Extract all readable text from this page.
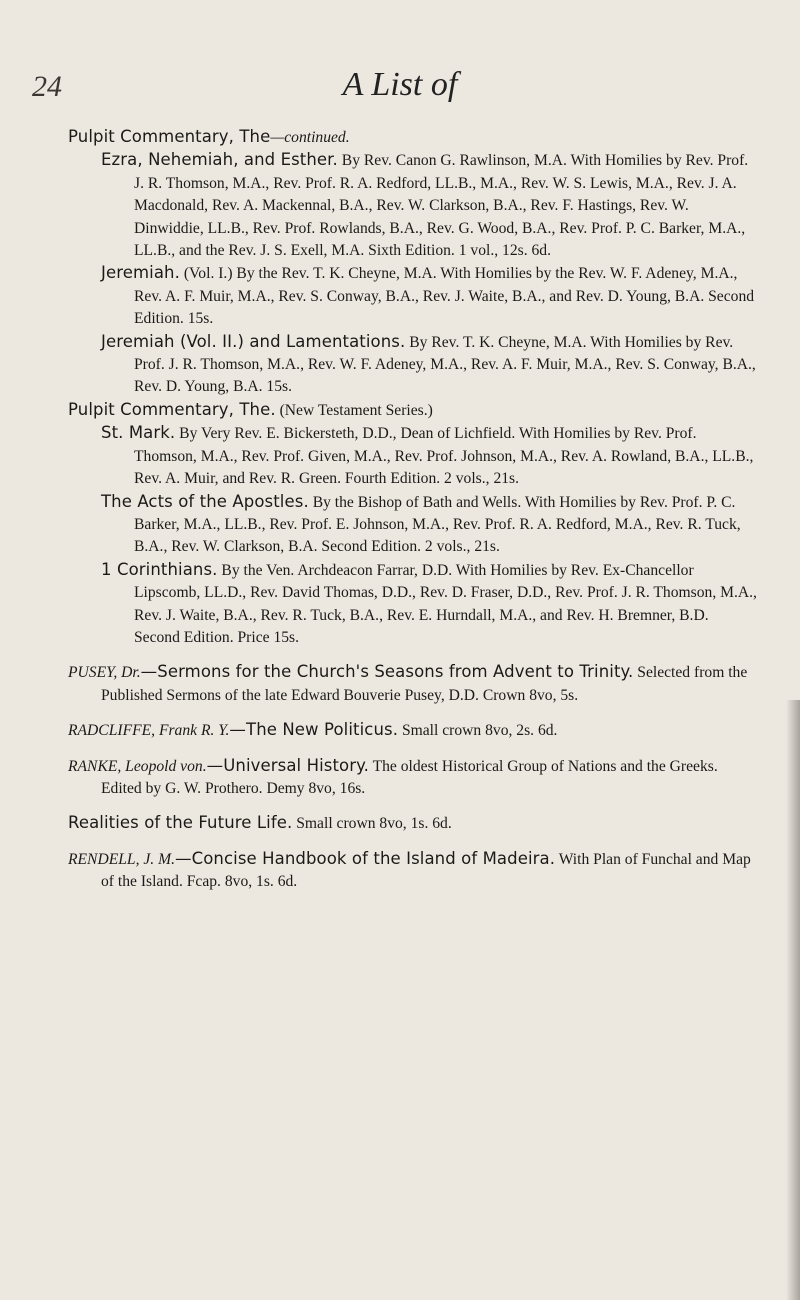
24	A List of

Pulpit Commentary, The—continued.

Ezra, Nehemiah, and Esther. By Rev. Canon G. Rawlinson, M.A. With Homilies by Rev. Prof. J. R. Thomson, M.A., Rev. Prof. R. A. Redford, LL.B., M.A., Rev. W. S. Lewis, M.A., Rev. J. A. Macdonald, Rev. A. Mackennal, B.A., Rev. W. Clarkson, B.A., Rev. F. Hastings, Rev. W. Dinwiddie, LL.B., Rev. Prof. Rowlands, B.A., Rev. G. Wood, B.A., Rev. Prof. P. C. Barker, M.A., LL.B., and the Rev. J. S. Exell, M.A. Sixth Edition. 1 vol., 12s. 6d.

Jeremiah. (Vol. I.) By the Rev. T. K. Cheyne, M.A. With Homilies by the Rev. W. F. Adeney, M.A., Rev. A. F. Muir, M.A., Rev. S. Conway, B.A., Rev. J. Waite, B.A., and Rev. D. Young, B.A. Second Edition. 15s.

Jeremiah (Vol. II.) and Lamentations. By Rev. T. K. Cheyne, M.A. With Homilies by Rev. Prof. J. R. Thomson, M.A., Rev. W. F. Adeney, M.A., Rev. A. F. Muir, M.A., Rev. S. Conway, B.A., Rev. D. Young, B.A. 15s.

Pulpit Commentary, The. (New Testament Series.)

St. Mark. By Very Rev. E. Bickersteth, D.D., Dean of Lichfield. With Homilies by Rev. Prof. Thomson, M.A., Rev. Prof. Given, M.A., Rev. Prof. Johnson, M.A., Rev. A. Rowland, B.A., LL.B., Rev. A. Muir, and Rev. R. Green. Fourth Edition. 2 vols., 21s.

The Acts of the Apostles. By the Bishop of Bath and Wells. With Homilies by Rev. Prof. P. C. Barker, M.A., LL.B., Rev. Prof. E. Johnson, M.A., Rev. Prof. R. A. Redford, M.A., Rev. R. Tuck, B.A., Rev. W. Clarkson, B.A. Second Edition. 2 vols., 21s.

1 Corinthians. By the Ven. Archdeacon Farrar, D.D. With Homilies by Rev. Ex-Chancellor Lipscomb, LL.D., Rev. David Thomas, D.D., Rev. D. Fraser, D.D., Rev. Prof. J. R. Thomson, M.A., Rev. J. Waite, B.A., Rev. R. Tuck, B.A., Rev. E. Hurndall, M.A., and Rev. H. Bremner, B.D. Second Edition. Price 15s.

PUSEY, Dr.—Sermons for the Church's Seasons from Advent to Trinity. Selected from the Published Sermons of the late Edward Bouverie Pusey, D.D. Crown 8vo, 5s.

RADCLIFFE, Frank R. Y.—The New Politicus. Small crown 8vo, 2s. 6d.

RANKE, Leopold von.—Universal History. The oldest Historical Group of Nations and the Greeks. Edited by G. W. Prothero. Demy 8vo, 16s.

Realities of the Future Life. Small crown 8vo, 1s. 6d.

RENDELL, J. M.—Concise Handbook of the Island of Madeira. With Plan of Funchal and Map of the Island. Fcap. 8vo, 1s. 6d.
